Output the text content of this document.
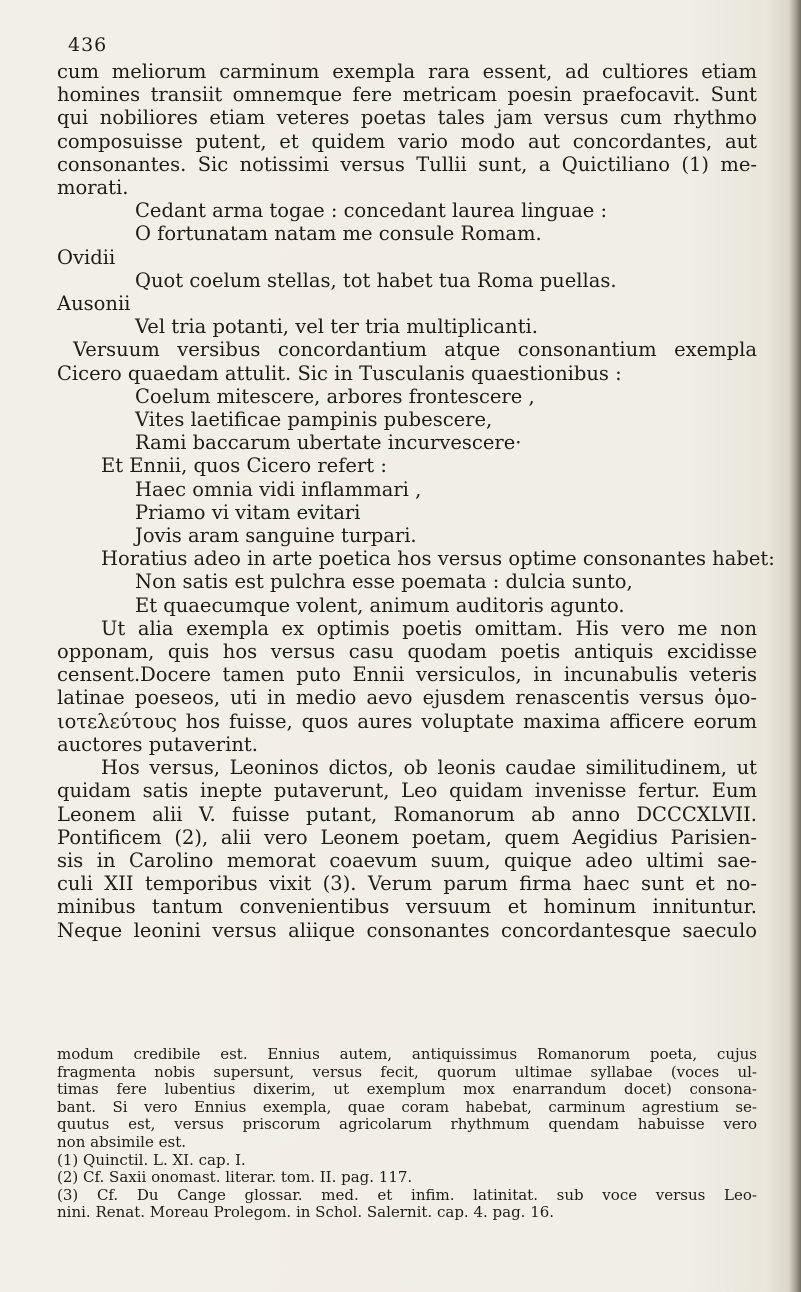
436
cum meliorum carminum exempla rara essent, ad cultiores etiam
homines transiit omnemque fere metricam poesin praefocavit. Sunt
qui nobiliores etiam veteres poetas tales jam versus cum rhythmo
composuisse putent, et quidem vario modo aut concordantes, aut
consonantes. Sic notissimi versus Tullii sunt, a Quictiliano (1) me-
morati.
Cedant arma togae : concedant laurea linguae :
O fortunatam natam me consule Romam.
Ovidii
Quot coelum stellas, tot habet tua Roma puellas.
Ausonii
Vel tria potanti, vel ter tria multiplicanti.
Versuum versibus concordantium atque consonantium exempla
Cicero quaedam attulit. Sic in Tusculanis quaestionibus :
Coelum mitescere, arbores frontescere ,
Vites laetificae pampinis pubescere,
Rami baccarum ubertate incurvescere·
Et Ennii, quos Cicero refert :
Haec omnia vidi inflammari ,
Priamo vi vitam evitari
Jovis aram sanguine turpari.
Horatius adeo in arte poetica hos versus optime consonantes habet:
Non satis est pulchra esse poemata : dulcia sunto,
Et quaecumque volent, animum auditoris agunto.
Ut alia exempla ex optimis poetis omittam. His vero me non
opponam, quis hos versus casu quodam poetis antiquis excidisse
censent.Docere tamen puto Ennii versiculos, in incunabulis veteris
latinae poeseos, uti in medio aevo ejusdem renascentis versus ὁμο-
ιοτελεύτους hos fuisse, quos aures voluptate maxima afficere eorum
auctores putaverint.
Hos versus, Leoninos dictos, ob leonis caudae similitudinem, ut
quidam satis inepte putaverunt, Leo quidam invenisse fertur. Eum
Leonem alii V. fuisse putant, Romanorum ab anno DCCCXLVII.
Pontificem (2), alii vero Leonem poetam, quem Aegidius Parisien-
sis in Carolino memorat coaevum suum, quique adeo ultimi sae-
culi XII temporibus vixit (3). Verum parum firma haec sunt et no-
minibus tantum convenientibus versuum et hominum innituntur.
Neque leonini versus aliique consonantes concordantesque saeculo
modum credibile est. Ennius autem, antiquissimus Romanorum poeta, cujus
fragmenta nobis supersunt, versus fecit, quorum ultimae syllabae (voces ul-
timas fere lubentius dixerim, ut exemplum mox enarrandum docet) consona-
bant. Si vero Ennius exempla, quae coram habebat, carminum agrestium se-
quutus est, versus priscorum agricolarum rhythmum quendam habuisse vero
non absimile est.
(1) Quinctil. L. XI. cap. I.
(2) Cf. Saxii onomast. literar. tom. II. pag. 117.
(3) Cf. Du Cange glossar. med. et infim. latinitat. sub voce versus Leo-
nini. Renat. Moreau Prolegom. in Schol. Salernit. cap. 4. pag. 16.
